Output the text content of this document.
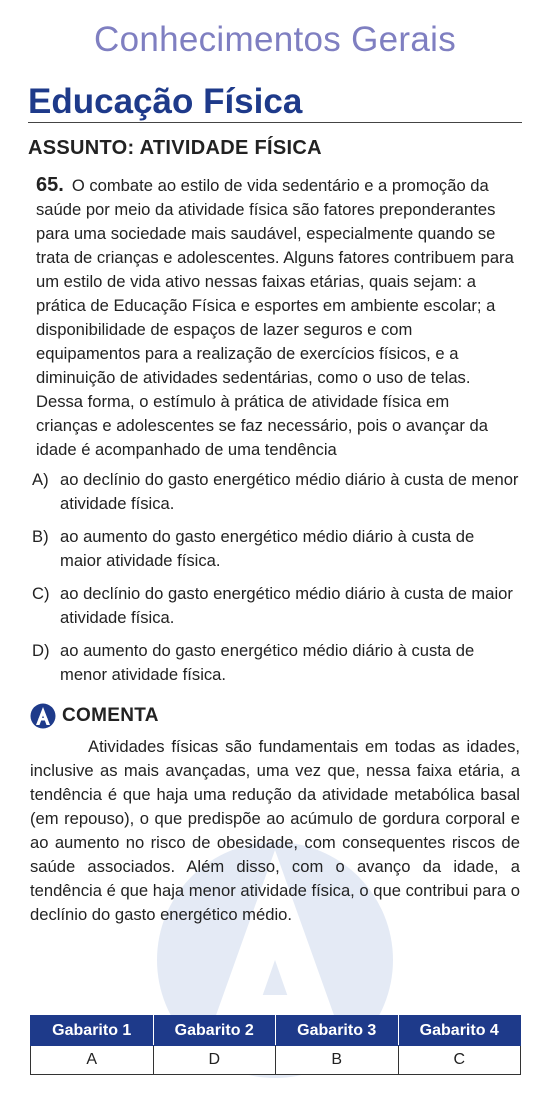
Conhecimentos Gerais
Educação Física
ASSUNTO: ATIVIDADE FÍSICA

65. O combate ao estilo de vida sedentário e a promoção da saúde por meio da atividade física são fatores preponderantes para uma sociedade mais saudável, especialmente quando se trata de crianças e adolescentes. Alguns fatores contribuem para um estilo de vida ativo nessas faixas etárias, quais sejam: a prática de Educação Física e esportes em ambiente escolar; a disponibilidade de espaços de lazer seguros e com equipamentos para a realização de exercícios físicos, e a diminuição de atividades sedentárias, como o uso de telas. Dessa forma, o estímulo à prática de atividade física em crianças e adolescentes se faz necessário, pois o avançar da idade é acompanhado de uma tendência

A) ao declínio do gasto energético médio diário à custa de menor atividade física.
B) ao aumento do gasto energético médio diário à custa de maior atividade física.
C) ao declínio do gasto energético médio diário à custa de maior atividade física.
D) ao aumento do gasto energético médio diário à custa de menor atividade física.
COMENTA

Atividades físicas são fundamentais em todas as idades, inclusive as mais avançadas, uma vez que, nessa faixa etária, a tendência é que haja uma redução da atividade metabólica basal (em repouso), o que predispõe ao acúmulo de gordura corporal e ao aumento no risco de obesidade, com consequentes riscos de saúde associados. Além disso, com o avanço da idade, a tendência é que haja menor atividade física, o que contribui para o declínio do gasto energético médio.

Gabarito 1	Gabarito 2	Gabarito 3	Gabarito 4
A	D	B	C
